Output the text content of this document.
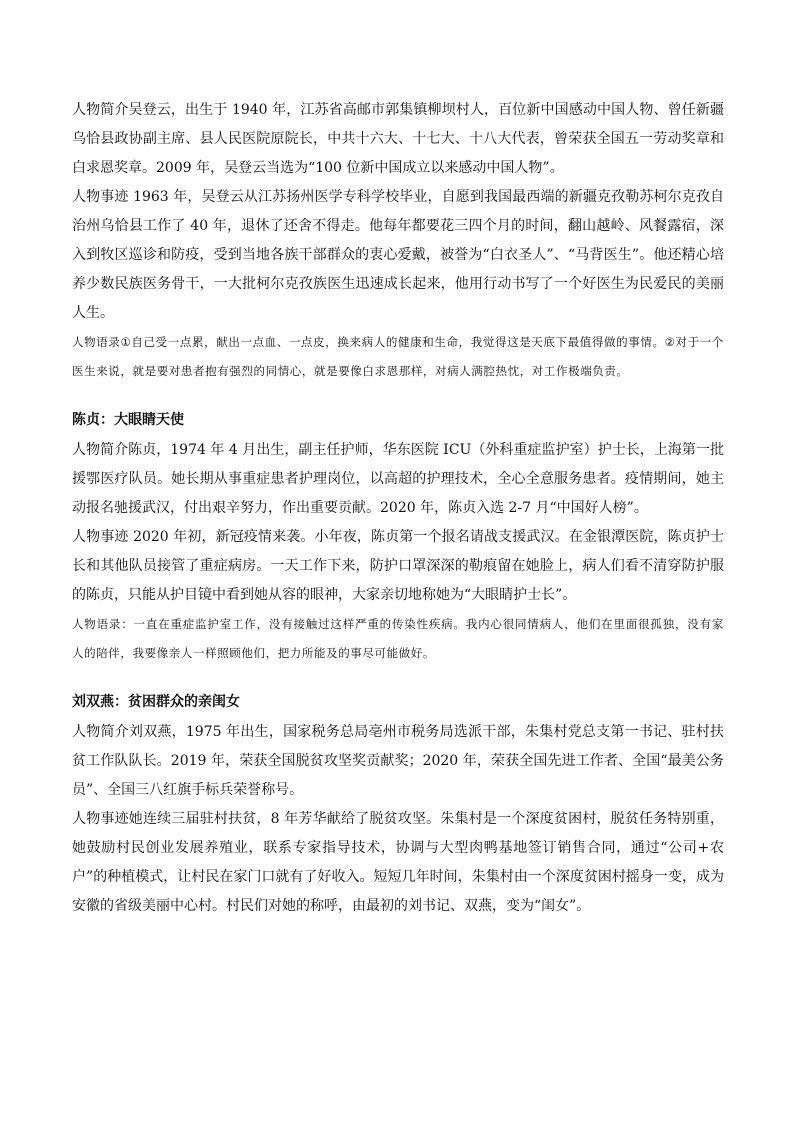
人物简介吴登云，出生于 1940 年，江苏省高邮市郭集镇柳坝村人，百位新中国感动中国人物、曾任新疆乌恰县政协副主席、县人民医院原院长，中共十六大、十七大、十八大代表，曾荣获全国五一劳动奖章和白求恩奖章。2009 年，吴登云当选为“100 位新中国成立以来感动中国人物”。

人物事迹 1963 年，吴登云从江苏扬州医学专科学校毕业，自愿到我国最西端的新疆克孜勒苏柯尔克孜自治州乌恰县工作了 40 年，退休了还舍不得走。他每年都要花三四个月的时间，翻山越岭、风餐露宿，深入到牧区巡诊和防疫，受到当地各族干部群众的衷心爱戴，被誉为“白衣圣人”、“马背医生”。他还精心培养少数民族医务骨干，一大批柯尔克孜族医生迅速成长起来，他用行动书写了一个好医生为民爱民的美丽人生。

人物语录①自己受一点累，献出一点血、一点皮，换来病人的健康和生命，我觉得这是天底下最值得做的事情。②对于一个医生来说，就是要对患者抱有强烈的同情心，就是要像白求恩那样，对病人满腔热忱，对工作极端负责。

陈贞：大眼睛天使

人物简介陈贞，1974 年 4 月出生，副主任护师，华东医院 ICU（外科重症监护室）护士长，上海第一批援鄂医疗队员。她长期从事重症患者护理岗位，以高超的护理技术，全心全意服务患者。疫情期间，她主动报名驰援武汉，付出艰辛努力，作出重要贡献。2020 年，陈贞入选 2-7 月“中国好人榜”。

人物事迹 2020 年初，新冠疫情来袭。小年夜，陈贞第一个报名请战支援武汉。在金银潭医院，陈贞护士长和其他队员接管了重症病房。一天工作下来，防护口罩深深的勒痕留在她脸上，病人们看不清穿防护服的陈贞，只能从护目镜中看到她从容的眼神，大家亲切地称她为“大眼睛护士长”。

人物语录：一直在重症监护室工作，没有接触过这样严重的传染性疾病。我内心很同情病人，他们在里面很孤独，没有家人的陪伴，我要像亲人一样照顾他们，把力所能及的事尽可能做好。

刘双燕：贫困群众的亲闺女

人物简介刘双燕，1975 年出生，国家税务总局亳州市税务局选派干部，朱集村党总支第一书记、驻村扶贫工作队队长。2019 年，荣获全国脱贫攻坚奖贡献奖；2020 年，荣获全国先进工作者、全国“最美公务员”、全国三八红旗手标兵荣誉称号。

人物事迹她连续三届驻村扶贫，8 年芳华献给了脱贫攻坚。朱集村是一个深度贫困村，脱贫任务特别重，她鼓励村民创业发展养殖业，联系专家指导技术，协调与大型肉鸭基地签订销售合同，通过“公司+农户”的种植模式，让村民在家门口就有了好收入。短短几年时间，朱集村由一个深度贫困村摇身一变，成为安徽的省级美丽中心村。村民们对她的称呼，由最初的刘书记、双燕，变为“闺女”。
